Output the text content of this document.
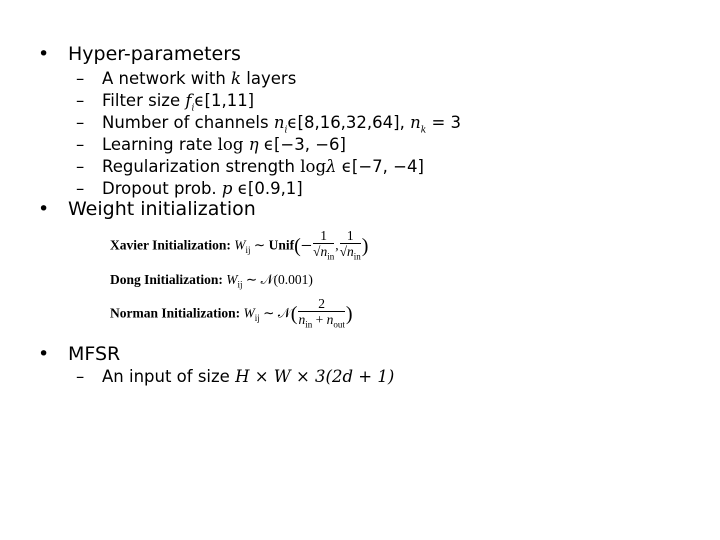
• Hyper-parameters
– A network with k layers
– Filter size $f_i\epsilon[1,11]$
– Number of channels $n_i\epsilon[8,16,32,64]$, $n_k = 3$
– Learning rate log η ϵ[−3, −6]
– Regularization strength logλ ϵ[−7, −4]
– Dropout prob. p ϵ[0.9,1]
• Weight initialization
Xavier Initialization: $W_{ij}$ ∼ Unif(− $\frac{1}{√n_{in}}$ , $\frac{1}{√n_{in}}$ )
Dong Initialization: $W_{ij}$ ∼ 𝒩(0.001)
Norman Initialization: $W_{ij}$ ∼ 𝒩( $\frac{2}{n_{in} + n_{out}}$ )
• MFSR
– An input of size H × W × 3(2d + 1)
